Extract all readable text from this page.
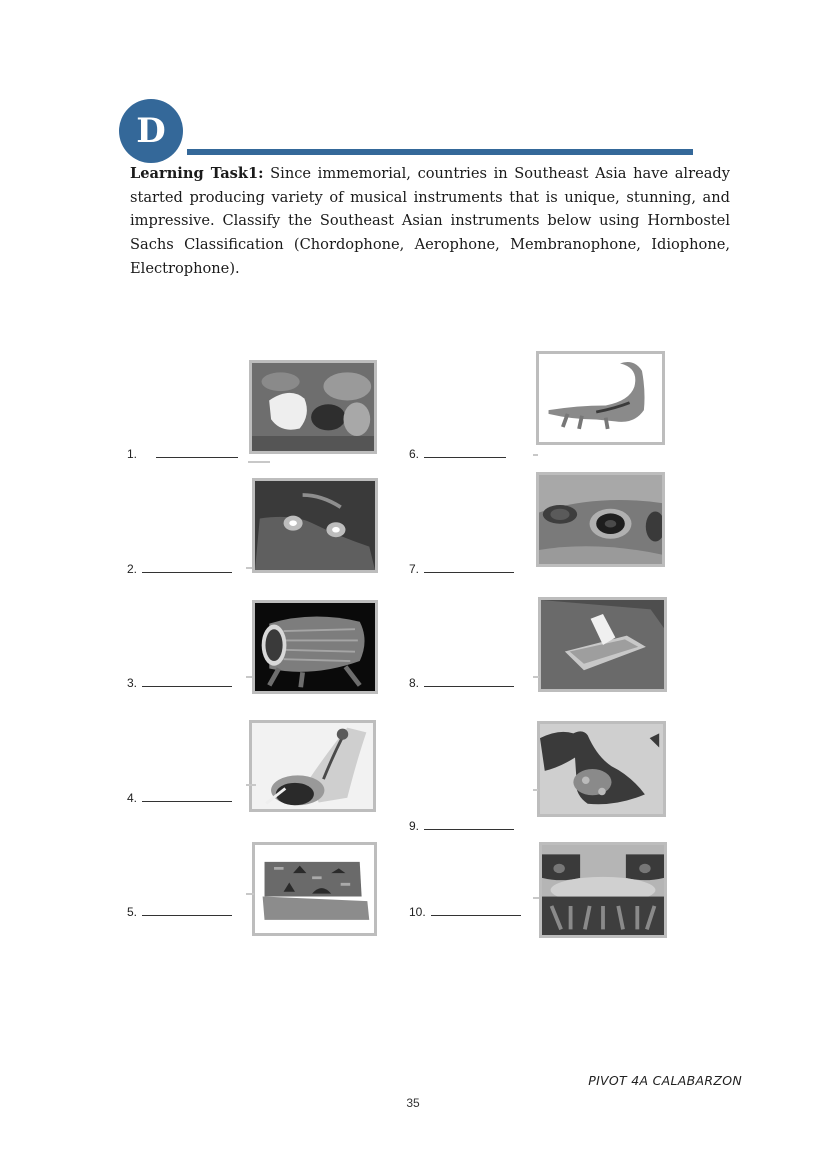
D

Learning Task1: Since immemorial, countries in Southeast Asia have already started producing variety of musical instruments that is unique, stunning, and impressive. Classify the Southeast Asian instruments below using Hornbostel Sachs Classification (Chordophone, Aerophone, Membranophone, Idiophone, Electrophone).

1.
2.
3.
4.
5.
6.
7.
8.
9.
10.
PIVOT 4A CALABARZON
35
